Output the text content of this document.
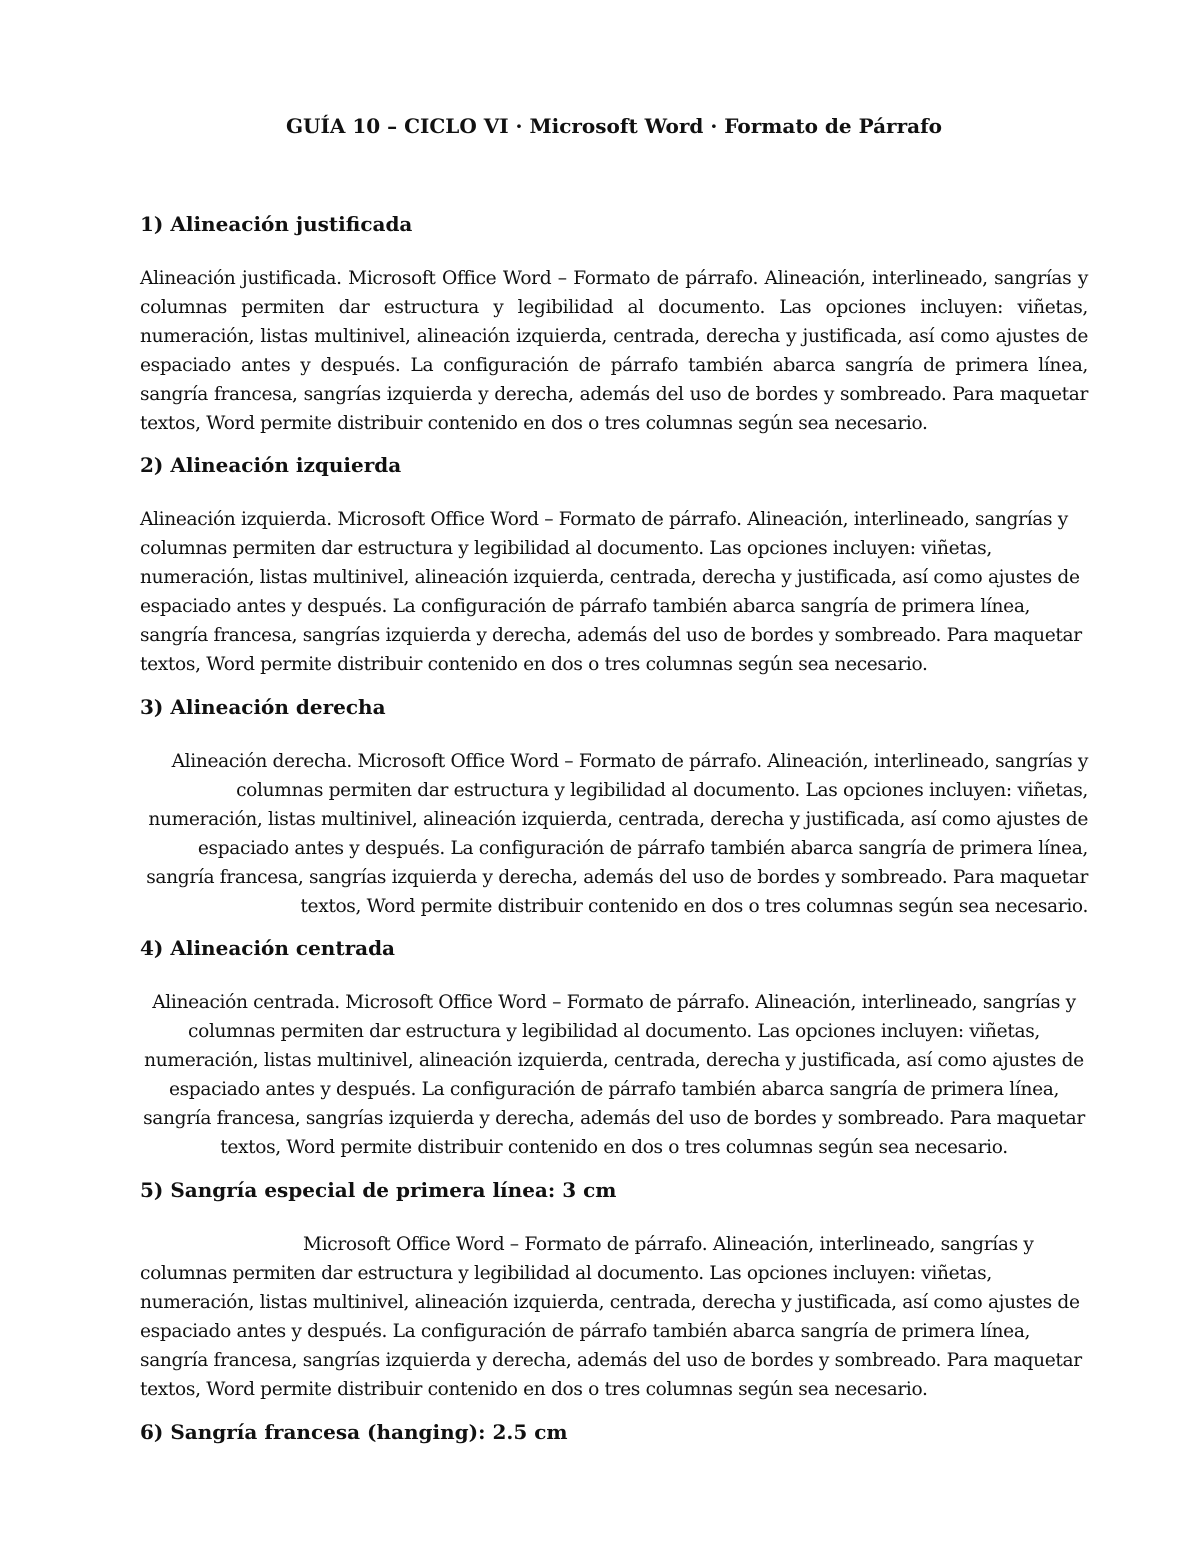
GUÍA 10 – CICLO VI · Microsoft Word · Formato de Párrafo
1) Alineación justificada

Alineación justificada. Microsoft Office Word – Formato de párrafo. Alineación, interlineado, sangrías y columnas permiten dar estructura y legibilidad al documento. Las opciones incluyen: viñetas, numeración, listas multinivel, alineación izquierda, centrada, derecha y justificada, así como ajustes de espaciado antes y después. La configuración de párrafo también abarca sangría de primera línea, sangría francesa, sangrías izquierda y derecha, además del uso de bordes y sombreado. Para maquetar textos, Word permite distribuir contenido en dos o tres columnas según sea necesario.

2) Alineación izquierda

Alineación izquierda. Microsoft Office Word – Formato de párrafo. Alineación, interlineado, sangrías y columnas permiten dar estructura y legibilidad al documento. Las opciones incluyen: viñetas, numeración, listas multinivel, alineación izquierda, centrada, derecha y justificada, así como ajustes de espaciado antes y después. La configuración de párrafo también abarca sangría de primera línea, sangría francesa, sangrías izquierda y derecha, además del uso de bordes y sombreado. Para maquetar textos, Word permite distribuir contenido en dos o tres columnas según sea necesario.

3) Alineación derecha

Alineación derecha. Microsoft Office Word – Formato de párrafo. Alineación, interlineado, sangrías y columnas permiten dar estructura y legibilidad al documento. Las opciones incluyen: viñetas, numeración, listas multinivel, alineación izquierda, centrada, derecha y justificada, así como ajustes de espaciado antes y después. La configuración de párrafo también abarca sangría de primera línea, sangría francesa, sangrías izquierda y derecha, además del uso de bordes y sombreado. Para maquetar textos, Word permite distribuir contenido en dos o tres columnas según sea necesario.

4) Alineación centrada

Alineación centrada. Microsoft Office Word – Formato de párrafo. Alineación, interlineado, sangrías y columnas permiten dar estructura y legibilidad al documento. Las opciones incluyen: viñetas, numeración, listas multinivel, alineación izquierda, centrada, derecha y justificada, así como ajustes de espaciado antes y después. La configuración de párrafo también abarca sangría de primera línea, sangría francesa, sangrías izquierda y derecha, además del uso de bordes y sombreado. Para maquetar textos, Word permite distribuir contenido en dos o tres columnas según sea necesario.

5) Sangría especial de primera línea: 3 cm

Microsoft Office Word – Formato de párrafo. Alineación, interlineado, sangrías y columnas permiten dar estructura y legibilidad al documento. Las opciones incluyen: viñetas, numeración, listas multinivel, alineación izquierda, centrada, derecha y justificada, así como ajustes de espaciado antes y después. La configuración de párrafo también abarca sangría de primera línea, sangría francesa, sangrías izquierda y derecha, además del uso de bordes y sombreado. Para maquetar textos, Word permite distribuir contenido en dos o tres columnas según sea necesario.

6) Sangría francesa (hanging): 2.5 cm
